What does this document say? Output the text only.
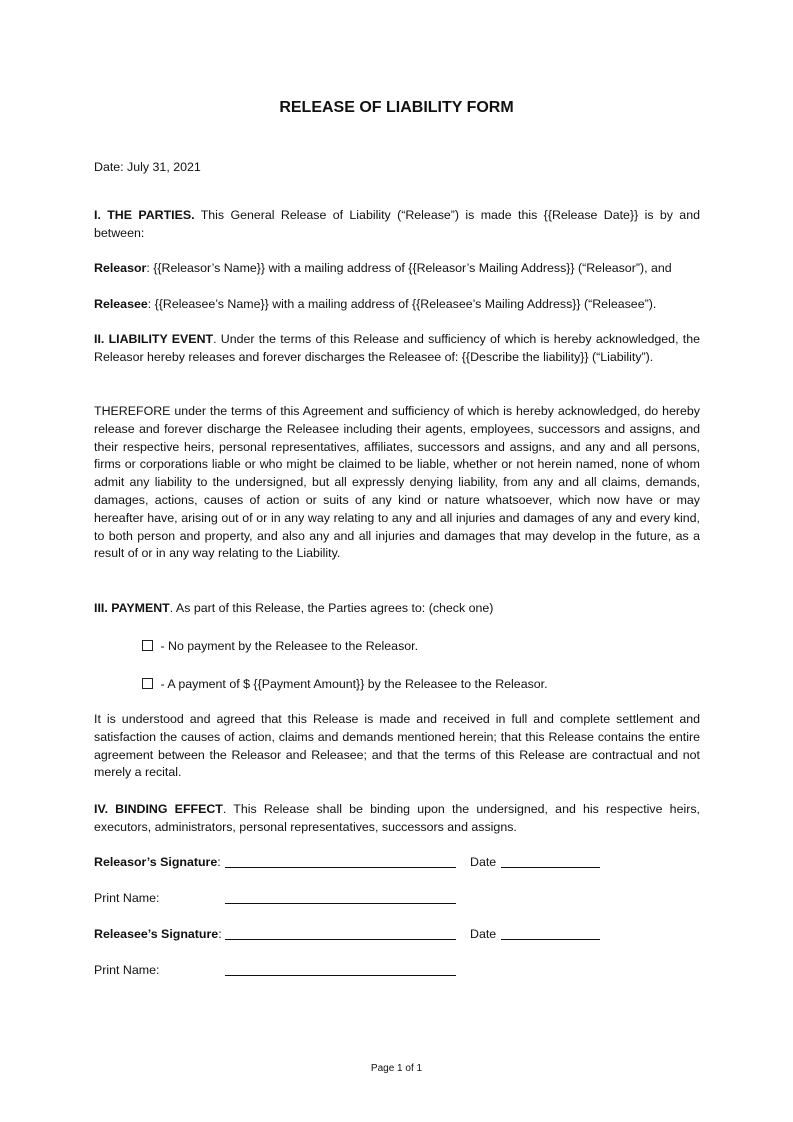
RELEASE OF LIABILITY FORM
Date: July 31, 2021

I. THE PARTIES. This General Release of Liability (“Release”) is made this {{Release Date}} is by and between:

Releasor: {{Releasor’s Name}} with a mailing address of {{Releasor’s Mailing Address}} (“Releasor”), and

Releasee: {{Releasee’s Name}} with a mailing address of {{Releasee’s Mailing Address}} (“Releasee”).

II. LIABILITY EVENT. Under the terms of this Release and sufficiency of which is hereby acknowledged, the Releasor hereby releases and forever discharges the Releasee of: {{Describe the liability}} (“Liability”).

THEREFORE under the terms of this Agreement and sufficiency of which is hereby acknowledged, do hereby release and forever discharge the Releasee including their agents, employees, successors and assigns, and their respective heirs, personal representatives, affiliates, successors and assigns, and any and all persons, firms or corporations liable or who might be claimed to be liable, whether or not herein named, none of whom admit any liability to the undersigned, but all expressly denying liability, from any and all claims, demands, damages, actions, causes of action or suits of any kind or nature whatsoever, which now have or may hereafter have, arising out of or in any way relating to any and all injuries and damages of any and every kind, to both person and property, and also any and all injuries and damages that may develop in the future, as a result of or in any way relating to the Liability.

III. PAYMENT. As part of this Release, the Parties agrees to: (check one)
- No payment by the Releasee to the Releasor.
- A payment of $ {{Payment Amount}} by the Releasee to the Releasor.

It is understood and agreed that this Release is made and received in full and complete settlement and satisfaction the causes of action, claims and demands mentioned herein; that this Release contains the entire agreement between the Releasor and Releasee; and that the terms of this Release are contractual and not merely a recital.

IV. BINDING EFFECT. This Release shall be binding upon the undersigned, and his respective heirs, executors, administrators, personal representatives, successors and assigns.

Releasor’s Signature:	Date
Print Name:
Releasee’s Signature:	Date
Print Name:
Page 1 of 1
